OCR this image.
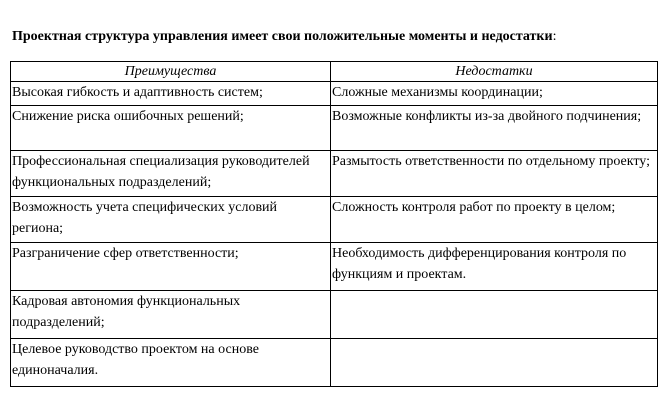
Проектная структура управления имеет свои положительные моменты и недостатки:

Преимущества	Недостатки
Высокая гибкость и адаптивность систем;	Сложные механизмы координации;
Снижение риска ошибочных решений;	Возможные конфликты из-за двойного подчинения;
Профессиональная специализация руководителей функциональных подразделений;	Размытость ответственности по отдельному проекту;
Возможность учета специфических условий региона;	Сложность контроля работ по проекту в целом;
Разграничение сфер ответственности;	Необходимость дифференцирования контроля по функциям и проектам.
Кадровая автономия функциональных подразделений;	
Целевое руководство проектом на основе единоначалия.	
